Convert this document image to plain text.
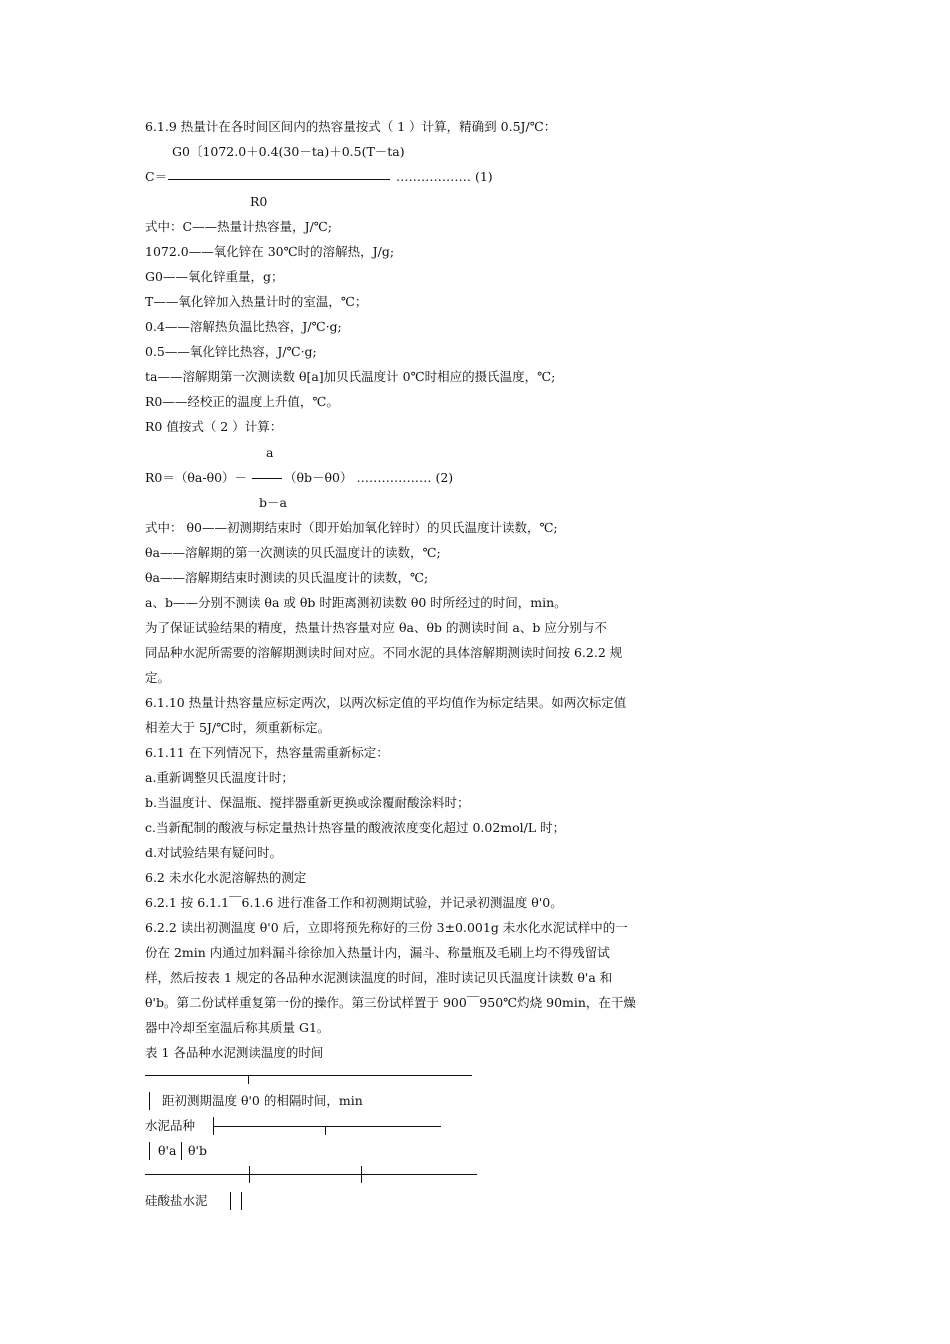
6.1.9 热量计在各时间区间内的热容量按式（ 1 ）计算，精确到 0.5J/℃：
G0〔1072.0＋0.4(30－ta)＋0.5(T－ta)
C＝	……………… (1)
R0
式中：C——热量计热容量，J/℃;
1072.0——氧化锌在 30℃时的溶解热，J/g;
G0——氧化锌重量，g；
T——氧化锌加入热量计时的室温，℃；
0.4——溶解热负温比热容，J/℃·g;
0.5——氧化锌比热容，J/℃·g;
ta——溶解期第一次测读数 θ[a]加贝氏温度计 0℃时相应的摄氏温度，℃;
R0——经校正的温度上升值，℃。
R0 值按式（ 2 ）计算：
a
R0＝（θa-θ0）－	（θb－θ0） ……………… (2)
b－a
式中： θ0——初测期结束时（即开始加氧化锌时）的贝氏温度计读数，℃;
θa——溶解期的第一次测读的贝氏温度计的读数，℃;
θa——溶解期结束时测读的贝氏温度计的读数，℃;
a、b——分别不测读 θa 或 θb 时距离测初读数 θ0 时所经过的时间，min。
为了保证试验结果的精度，热量计热容量对应 θa、θb 的测读时间 a、b 应分别与不
同品种水泥所需要的溶解期测读时间对应。不同水泥的具体溶解期测读时间按 6.2.2 规
定。
6.1.10 热量计热容量应标定两次，以两次标定值的平均值作为标定结果。如两次标定值
相差大于 5J/℃时，须重新标定。
6.1.11 在下列情况下，热容量需重新标定：
a.重新调整贝氏温度计时；
b.当温度计、保温瓶、搅拌器重新更换或涂覆耐酸涂料时；
c.当新配制的酸液与标定量热计热容量的酸液浓度变化超过 0.02mol/L 时；
d.对试验结果有疑问时。
6.2 未水化水泥溶解热的测定
6.2.1 按 6.1.1￣6.1.6 进行准备工作和初测期试验，并记录初测温度 θ'0。
6.2.2 读出初测温度 θ'0 后，立即将预先称好的三份 3±0.001g 未水化水泥试样中的一
份在 2min 内通过加料漏斗徐徐加入热量计内，漏斗、称量瓶及毛刷上均不得残留试
样，然后按表 1 规定的各品种水泥测读温度的时间，准时读记贝氏温度计读数 θ'a 和
θ'b。第二份试样重复第一份的操作。第三份试样置于 900￣950℃灼烧 90min，在干燥
器中冷却至室温后称其质量 G1。
表 1 各品种水泥测读温度的时间
距初测期温度 θ'0 的相隔时间，min
水泥品种
θ'a θ'b
硅酸盐水泥
